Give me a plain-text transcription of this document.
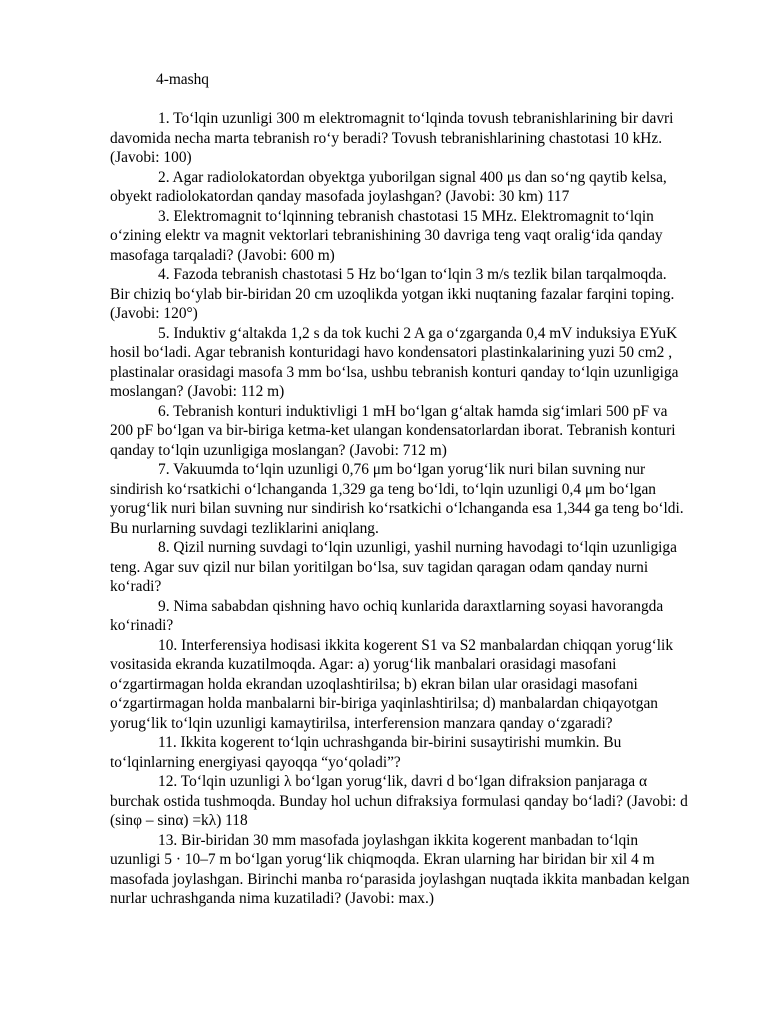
4-mashq

1. To‘lqin uzunligi 300 m elektromagnit to‘lqinda tovush tebranishlarining bir davri davomida necha marta tebranish ro‘y beradi? Tovush tebranishlarining chastotasi 10 kHz. (Javobi: 100)

2. Agar radiolokatordan obyektga yuborilgan signal 400 μs dan so‘ng qaytib kelsa, obyekt radiolokatordan qanday masofada joylashgan? (Javobi: 30 km) 117

3. Elektromagnit to‘lqinning tebranish chastotasi 15 MHz. Elektromagnit to‘lqin o‘zining elektr va magnit vektorlari tebranishining 30 davriga teng vaqt oralig‘ida qanday masofaga tarqaladi? (Javobi: 600 m)

4. Fazoda tebranish chastotasi 5 Hz bo‘lgan to‘lqin 3 m/s tezlik bilan tarqalmoqda. Bir chiziq bo‘ylab bir-biridan 20 cm uzoqlikda yotgan ikki nuqtaning fazalar farqini toping. (Javobi: 120°)

5. Induktiv g‘altakda 1,2 s da tok kuchi 2 A ga o‘zgarganda 0,4 mV induksiya EYuK hosil bo‘ladi. Agar tebranish konturidagi havo kondensatori plastinkalarining yuzi 50 cm2 , plastinalar orasidagi masofa 3 mm bo‘lsa, ushbu tebranish konturi qanday to‘lqin uzunligiga moslangan? (Javobi: 112 m)

6. Tebranish konturi induktivligi 1 mH bo‘lgan g‘altak hamda sig‘imlari 500 pF va 200 pF bo‘lgan va bir-biriga ketma-ket ulangan kondensatorlardan iborat. Tebranish konturi qanday to‘lqin uzunligiga moslangan? (Javobi: 712 m)

7. Vakuumda to‘lqin uzunligi 0,76 μm bo‘lgan yorug‘lik nuri bilan suvning nur sindirish ko‘rsatkichi o‘lchanganda 1,329 ga teng bo‘ldi, to‘lqin uzunligi 0,4 μm bo‘lgan yorug‘lik nuri bilan suvning nur sindirish ko‘rsatkichi o‘lchanganda esa 1,344 ga teng bo‘ldi. Bu nurlarning suvdagi tezliklarini aniqlang.

8. Qizil nurning suvdagi to‘lqin uzunligi, yashil nurning havodagi to‘lqin uzunligiga teng. Agar suv qizil nur bilan yoritilgan bo‘lsa, suv tagidan qaragan odam qanday nurni ko‘radi?

9. Nima sababdan qishning havo ochiq kunlarida daraxtlarning soyasi havorangda ko‘rinadi?

10. Interferensiya hodisasi ikkita kogerent S1 va S2 manbalardan chiqqan yorug‘lik vositasida ekranda kuzatilmoqda. Agar: a) yorug‘lik manbalari orasidagi masofani o‘zgartirmagan holda ekrandan uzoqlashtirilsa; b) ekran bilan ular orasidagi masofani o‘zgartirmagan holda manbalarni bir-biriga yaqinlashtirilsa; d) manbalardan chiqayotgan yorug‘lik to‘lqin uzunligi kamaytirilsa, interferension manzara qanday o‘zgaradi?

11. Ikkita kogerent to‘lqin uchrashganda bir-birini susaytirishi mumkin. Bu to‘lqinlarning energiyasi qayoqqa “yo‘qoladi”?

12. To‘lqin uzunligi λ bo‘lgan yorug‘lik, davri d bo‘lgan difraksion panjaraga α burchak ostida tushmoqda. Bunday hol uchun difraksiya formulasi qanday bo‘ladi? (Javobi: d (sinφ – sinα) =kλ) 118

13. Bir-biridan 30 mm masofada joylashgan ikkita kogerent manbadan to‘lqin uzunligi 5 · 10–7 m bo‘lgan yorug‘lik chiqmoqda. Ekran ularning har biridan bir xil 4 m masofada joylashgan. Birinchi manba ro‘parasida joylashgan nuqtada ikkita manbadan kelgan nurlar uchrashganda nima kuzatiladi? (Javobi: max.)
